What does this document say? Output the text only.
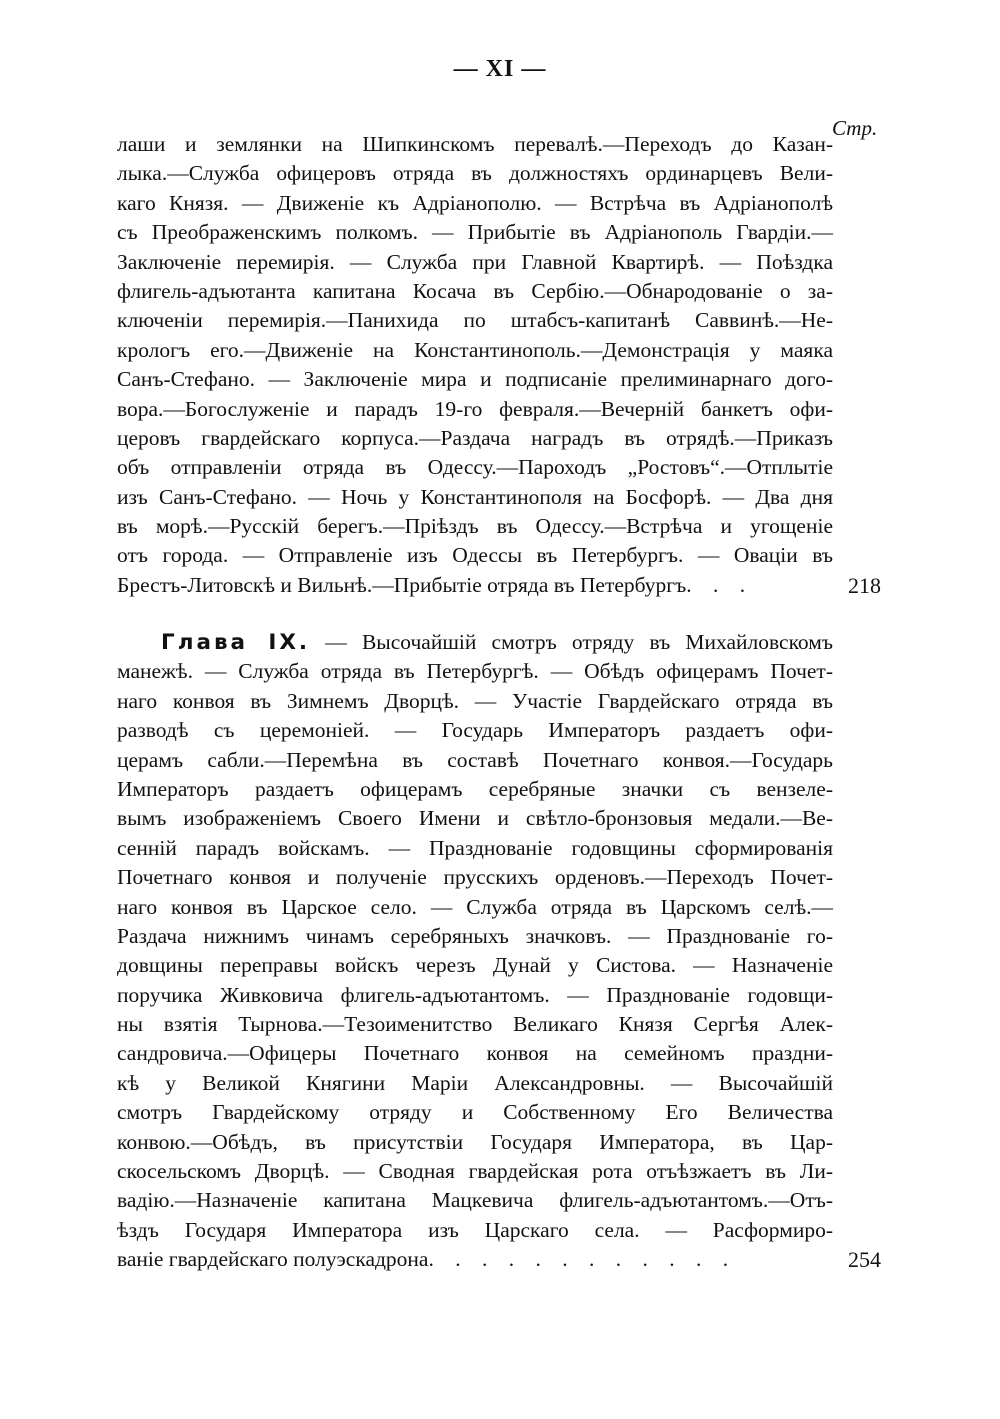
— XI —
Стр.
лаши и землянки на Шипкинскомъ перевалѣ.—Переходъ до Казан-
лыка.—Служба офицеровъ отряда въ должностяхъ ординарцевъ Вели-
каго Князя. — Движеніе къ Адріанополю. — Встрѣча въ Адріанополѣ
съ Преображенскимъ полкомъ. — Прибытіе въ Адріанополь Гвардіи.—
Заключеніе перемирія. — Служба при Главной Квартирѣ. — Поѣздка
флигель-адъютанта капитана Косача въ Сербію.—Обнародованіе о за-
ключеніи перемирія.—Панихида по штабсъ-капитанѣ Саввинѣ.—Не-
крологъ его.—Движеніе на Константинополь.—Демонстрація у маяка
Санъ-Стефано. — Заключеніе мира и подписаніе прелиминарнаго дого-
вора.—Богослуженіе и парадъ 19-го февраля.—Вечерній банкетъ офи-
церовъ гвардейскаго корпуса.—Раздача наградъ въ отрядѣ.—Приказъ
объ отправленіи отряда въ Одессу.—Пароходъ „Ростовъ“.—Отплытіе
изъ Санъ-Стефано. — Ночь у Константинополя на Босфорѣ. — Два дня
въ морѣ.—Русскій берегъ.—Пріѣздъ въ Одессу.—Встрѣча и угощеніе
отъ города. — Отправленіе изъ Одессы въ Петербургъ. — Оваціи въ
Брестъ-Литовскѣ и Вильнѣ.—Прибытіе отряда въ Петербургъ . . .	218
Глава IX. — Высочайшій смотръ отряду въ Михайловскомъ
манежѣ. — Служба отряда въ Петербургѣ. — Обѣдъ офицерамъ Почет-
наго конвоя въ Зимнемъ Дворцѣ. — Участіе Гвардейскаго отряда въ
разводѣ съ церемоніей. — Государь Императоръ раздаетъ офи-
церамъ сабли.—Перемѣна въ составѣ Почетнаго конвоя.—Государь
Императоръ раздаетъ офицерамъ серебряные значки съ вензеле-
вымъ изображеніемъ Своего Имени и свѣтло-бронзовыя медали.—Ве-
сенній парадъ войскамъ. — Празднованіе годовщины сформированія
Почетнаго конвоя и полученіе прусскихъ орденовъ.—Переходъ Почет-
наго конвоя въ Царское село. — Служба отряда въ Царскомъ селѣ.—
Раздача нижнимъ чинамъ серебряныхъ значковъ. — Празднованіе го-
довщины переправы войскъ черезъ Дунай у Систова. — Назначеніе
поручика Живковича флигель-адъютантомъ. — Празднованіе годовщи-
ны взятія Тырнова.—Тезоименитство Великаго Князя Сергѣя Алек-
сандровича.—Офицеры Почетнаго конвоя на семейномъ праздни-
кѣ у Великой Княгини Маріи Александровны. — Высочайшій
смотръ Гвардейскому отряду и Собственному Его Величества
конвою.—Обѣдъ, въ присутствіи Государя Императора, въ Цар-
скосельскомъ Дворцѣ. — Сводная гвардейская рота отъѣзжаетъ въ Ли-
вадію.—Назначеніе капитана Мацкевича флигель-адъютантомъ.—Отъ-
ѣздъ Государя Императора изъ Царскаго села. — Расформиро-
ваніе гвардейскаго полуэскадрона . . . . . . . . . . . .	254
